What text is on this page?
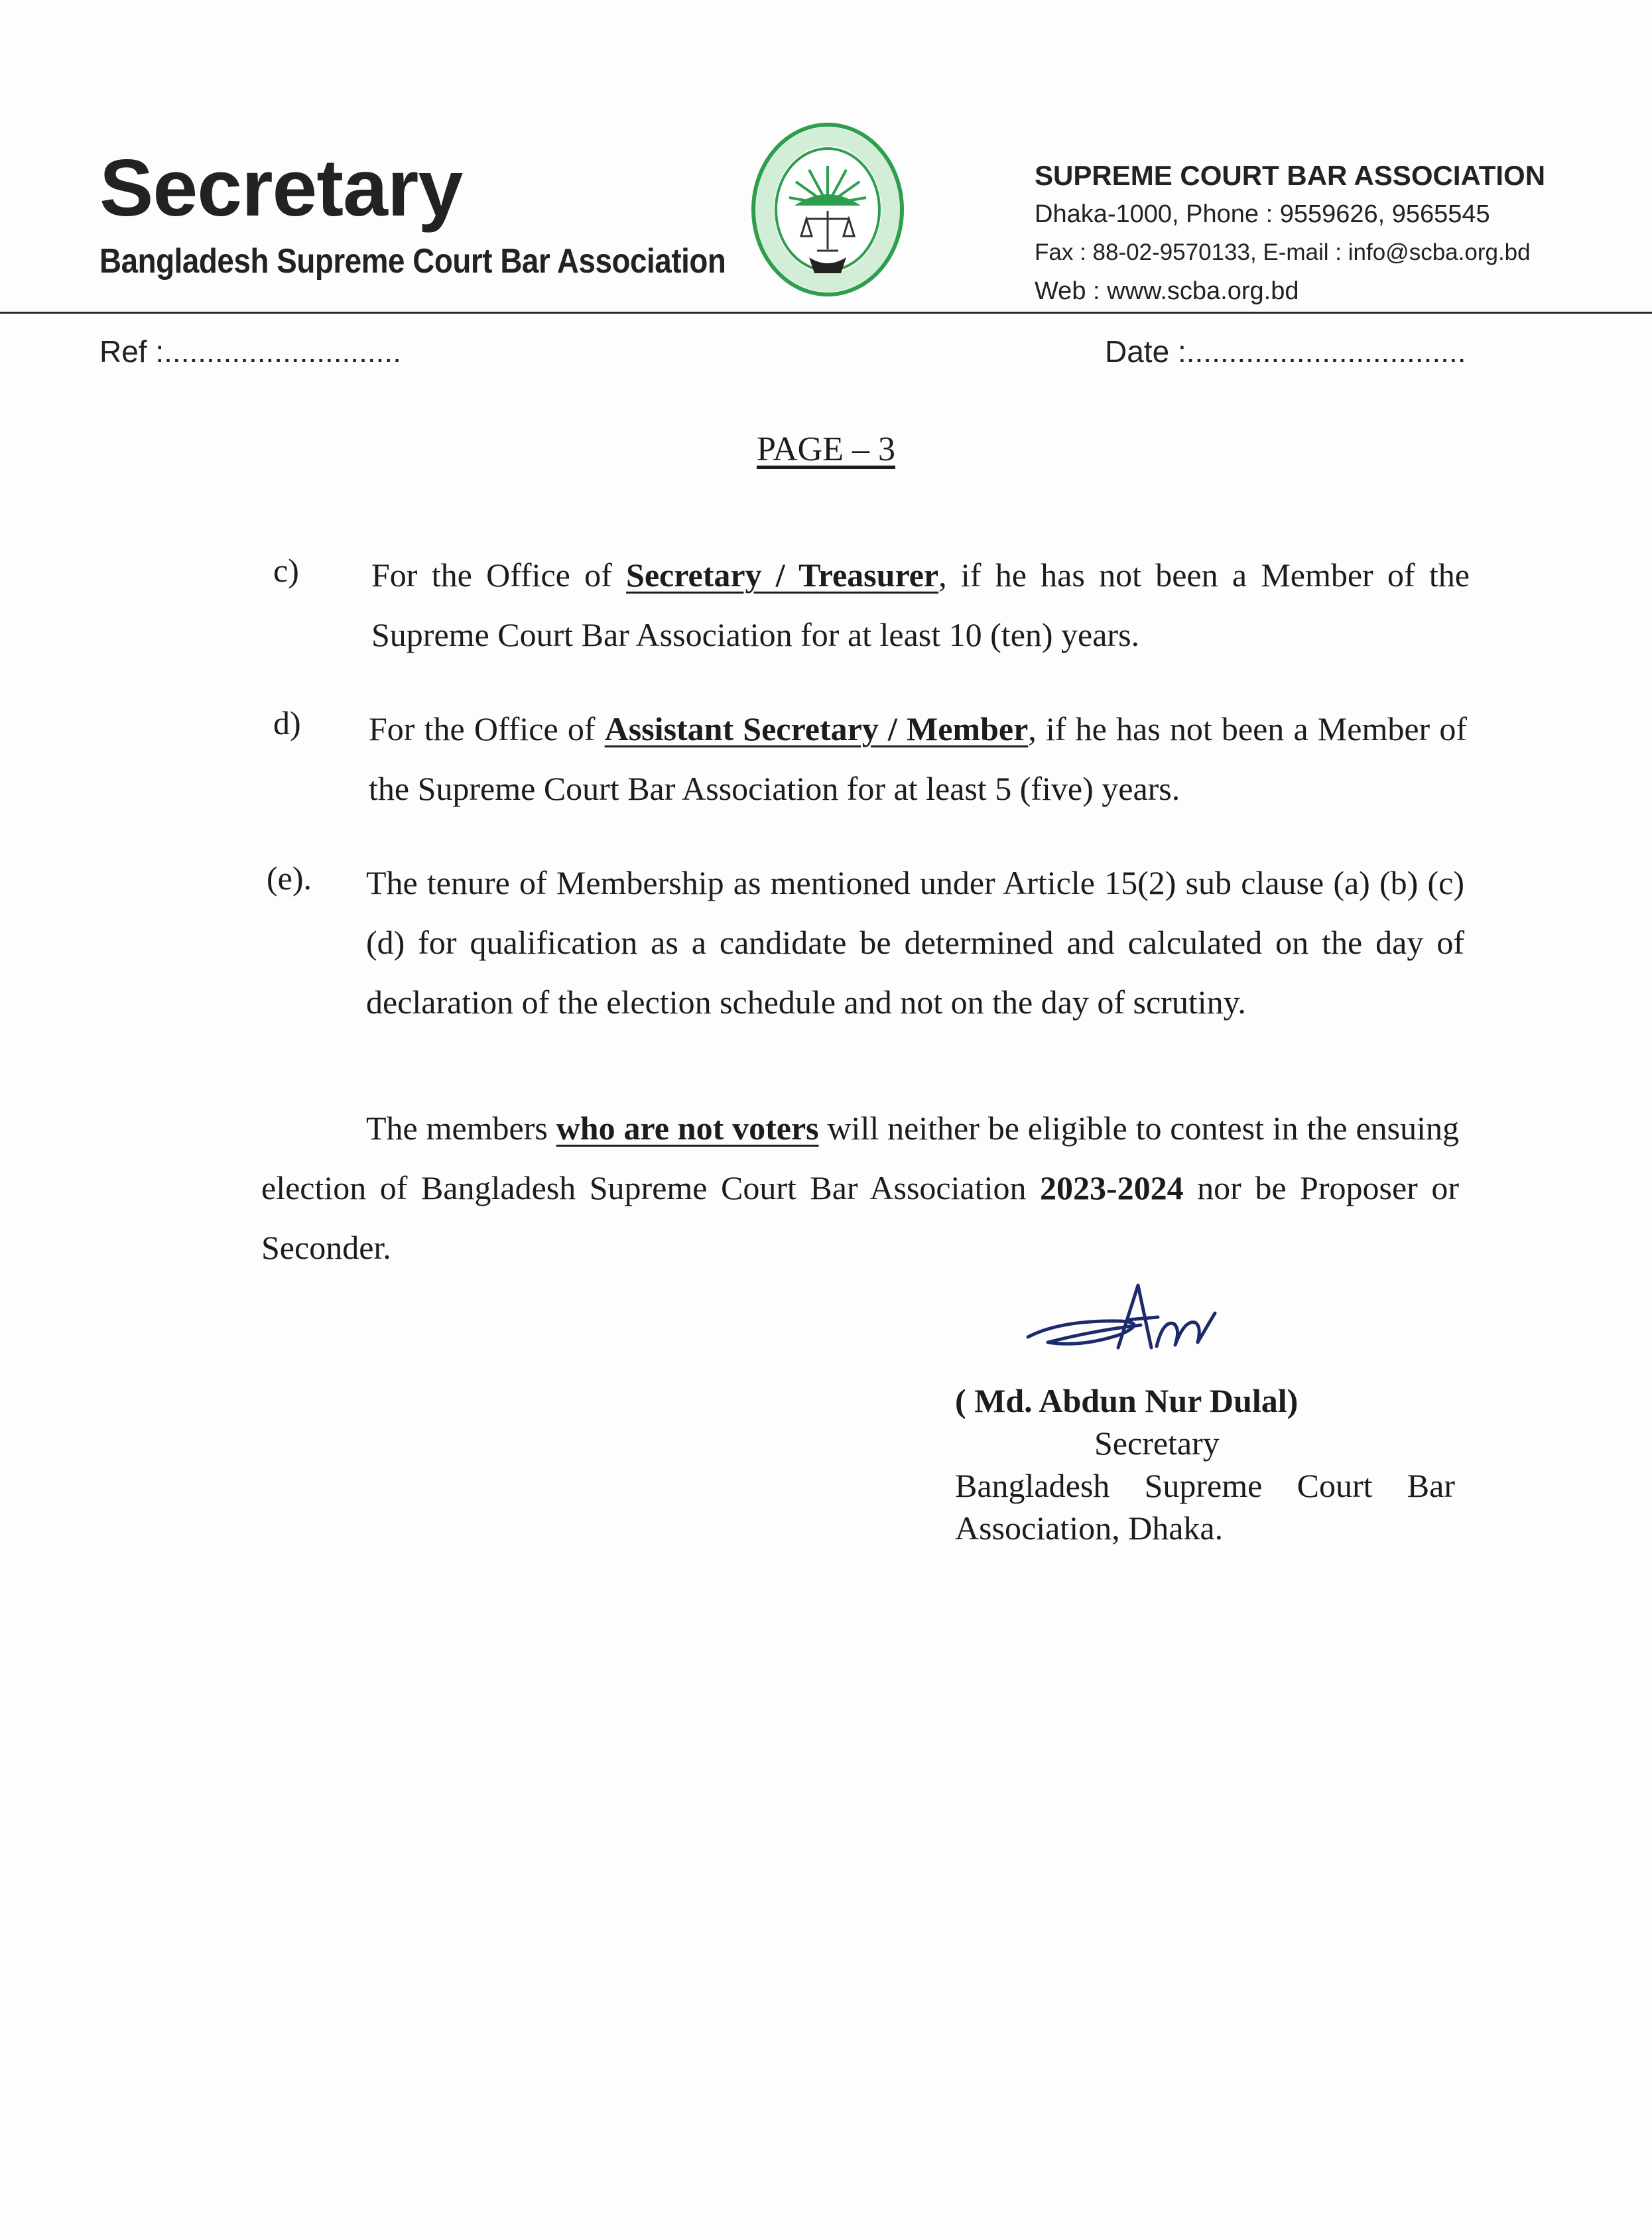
Secretary
Bangladesh Supreme Court Bar Association
SUPREME COURT BAR ASSOCIATION
Dhaka-1000, Phone : 9559626, 9565545
Fax : 88-02-9570133, E-mail : info@scba.org.bd
Web : www.scba.org.bd
Ref :............................	Date :.................................
PAGE – 3
c) For the Office of Secretary / Treasurer, if he has not been a Member of the Supreme Court Bar Association for at least 10 (ten) years.
d) For the Office of Assistant Secretary / Member, if he has not been a Member of the Supreme Court Bar Association for at least 5 (five) years.
(e). The tenure of Membership as mentioned under Article 15(2) sub clause (a) (b) (c) (d) for qualification as a candidate be determined and calculated on the day of declaration of the election schedule and not on the day of scrutiny.
The members who are not voters will neither be eligible to contest in the ensuing election of Bangladesh Supreme Court Bar Association 2023-2024 nor be Proposer or Seconder.
( Md. Abdun Nur Dulal)
Secretary
Bangladesh Supreme Court Bar
Association, Dhaka.
